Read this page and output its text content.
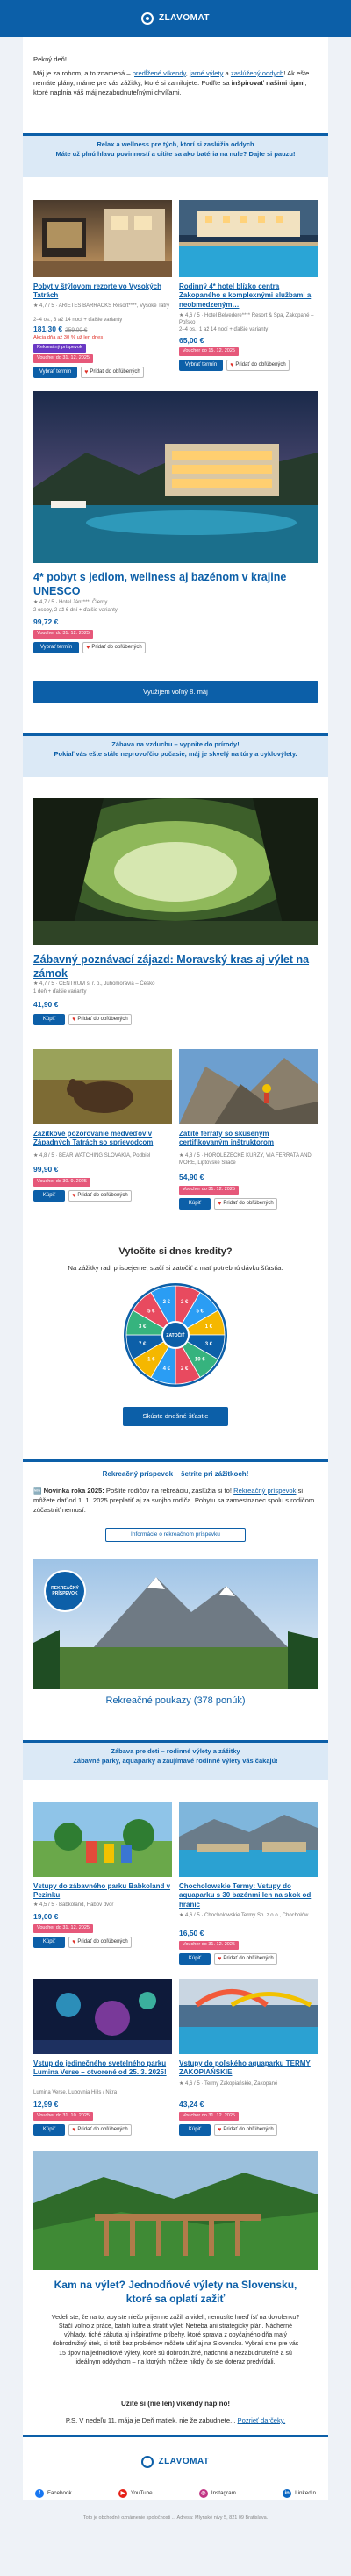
ZLAVOMAT
Pekný deň!
Máj je za rohom, a to znamená – predĺžené víkendy, jarné výlety a zaslúžený oddych! Ak ešte nemáte plány, máme pre vás zážitky, ktoré si zamilujete. Podľte sa inšpirovať našimi tipmi, ktoré naplnia váš máj nezabudnuteľnými chvíľami.
Relax a wellness pre tých, ktorí si zaslúžia oddych
Máte už plnú hlavu povinností a cítite sa ako batéria na nule? Dajte si pauzu!
Pobyt v štýlovom rezorte vo Vysokých Tatrách
★ 4,7 / 5 · ARIETES BARRACKS Resort****, Vysoké Tatry
2–4 os., 3 až 14 nocí + ďalšie varianty
181,30 € 259,00 €
Akcia dňa až 30 % už len dnes
Rekreačný príspevok
Voucher do 31. 12. 2025
Vybrať termín	♥ Pridať do obľúbených
Rodinný 4* hotel blízko centra Zakopaného s komplexnými službami a neobmedzeným…
★ 4,6 / 5 · Hotel Belvedere**** Resort & Spa, Zakopané – Poľsko
2–4 os., 1 až 14 nocí + ďalšie varianty
65,00 €
Voucher do 15. 12. 2025
Vybrať termín	♥ Pridať do obľúbených
4* pobyt s jedlom, wellness aj bazénom v krajine UNESCO
★ 4,7 / 5 · Hotel Ján****, Čierny
2 osoby, 2 až 6 dní + ďalšie varianty
99,72 €
Voucher do 31. 12. 2025
Vybrať termín	♥ Pridať do obľúbených
Využijem voľný 8. máj
Zábava na vzduchu – vypnite do prírody!
Pokiaľ vás ešte stále neprovoľčio počasie, máj je skvelý na túry a cyklovýlety.
Zábavný poznávací zájazd: Moravský kras aj výlet na zámok
★ 4,7 / 5 · CENTRUM s. r. o., Juhomoravia – Česko
1 deň + ďalšie varianty
41,90 €
Kúpiť	♥ Pridať do obľúbených
Zážitkové pozorovanie medveďov v Západných Tatrách so sprievodcom
★ 4,8 / 5 · BEAR WATCHING SLOVAKIA, Podbiel
99,90 €
Voucher do 30. 9. 2025
Kúpiť	♥ Pridať do obľúbených
Zaťite ferraty so skúseným certifikovaným inštruktorom
★ 4,8 / 5 · HOROLEZECKÉ KURZY, VIA FERRATA AND MORE, Liptovské Sliače
54,90 €
Voucher do 31. 12. 2025
Kúpiť	♥ Pridať do obľúbených
Vytočíte si dnes kredity?
Na zážitky radi prispejeme, stačí si zatočiť a mať potrebnú dávku šťastia.
2 €
5 €
1 €
3 €
10 €
2 €
4 €
1 €
7 €
3 €
5 €
2 €
ZATOČIŤ
Skúste dnešné šťastie
Rekreačný príspevok – šetrite pri zážitkoch!
🆕 Novinka roka 2025: Pošlite rodičov na rekreáciu, zaslúžia si to! Rekreačný príspevok si môžete dať od 1. 1. 2025 preplatiť aj za svojho rodiča. Pobytu sa zamestnanec spolu s rodičom zúčastniť nemusí.
Informácie o rekreačnom príspevku
REKREAČNÝ PRÍSPEVOK
Rekreačné poukazy (378 ponúk)
Zábava pre deti – rodinné výlety a zážitky
Zábavné parky, aquaparky a zaujímavé rodinné výlety vás čakajú!
Vstupy do zábavného parku Babkoland v Pezinku
★ 4,5 / 5 · Babkoland, Habov dvor
19,00 €
Voucher do 31. 12. 2025
Kúpiť	♥ Pridať do obľúbených
Chocholowskie Termy: Vstupy do aquaparku s 30 bazénmi len na skok od hraníc
★ 4,6 / 5 · Chocholowskie Termy Sp. z o.o., Chochołów
16,50 €
Voucher do 31. 12. 2025
Kúpiť	♥ Pridať do obľúbených
Vstup do jedinečného svetelného parku Lumina Verse – otvorené od 25. 3. 2025!
Lumina Verse, Lubovnia Hills / Nitra
12,99 €
Voucher do 31. 10. 2025
Kúpiť	♥ Pridať do obľúbených
Vstupy do poľského aquaparku TERMY ZAKOPIAŃSKIE
★ 4,6 / 5 · Termy Zakopiańskie, Zakopané
43,24 €
Voucher do 31. 12. 2025
Kúpiť	♥ Pridať do obľúbených
Kam na výlet? Jednodňové výlety na Slovensku, ktoré sa oplatí zažiť
Vedeli ste, že na to, aby ste niečo prijemne zažili a videli, nemusíte hneď ísť na dovolenku? Stačí voľno z práce, batoh kufre a stratiť výlet! Netreba ani strategický plán. Nádherné výhľady, tiché zákutia aj inšpiratívne príbehy, ktoré spravia z obyčajného dňa malý dobrodružný útek, si totiž bez problémov môžete užiť aj na Slovensku. Vybrali sme pre vás 15 tipov na jednodňové výlety, ktoré sú dobrodružné, nadchnú a nezabudnuteľné a sú ideálnym oddychom – na ktorých môžete nikdy, čo ste doteraz predvídali.
Užite si (nie len) víkendy naplno!
P.S. V nedeľu 11. mája je Deň matiek, nie že zabudnete... Pozrieť darčeky.
ZLAVOMAT
f	Facebook	▶	YouTube	◎	Instagram	in	LinkedIn
Toto je obchodné oznámenie spoločnosti ... Adresa: Mlynské nivy 5, 821 09 Bratislava.
